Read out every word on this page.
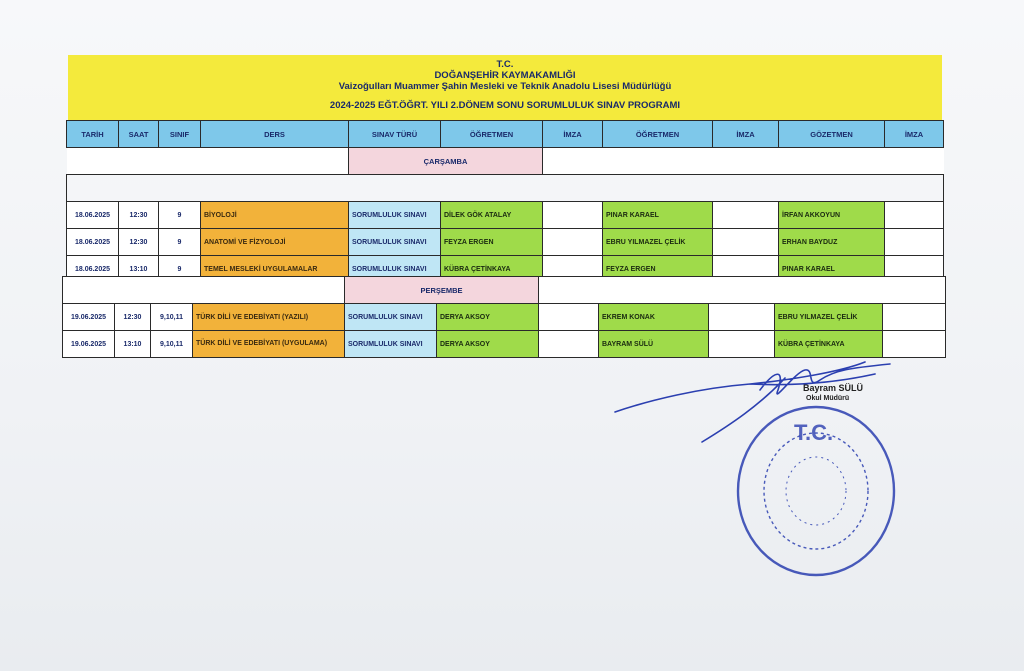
T.C.
DOĞANŞEHİR KAYMAKAMLIĞI
Vaizoğulları Muammer Şahin Mesleki ve Teknik Anadolu Lisesi Müdürlüğü
2024-2025 EĞT.ÖĞRT. YILI 2.DÖNEM SONU SORUMLULUK SINAV PROGRAMI
TARİH	SAAT	SINIF	DERS	SINAV TÜRÜ	ÖĞRETMEN	İMZA	ÖĞRETMEN	İMZA	GÖZETMEN	İMZA
				ÇARŞAMBA						

18.06.2025	12:30	9	BİYOLOJİ	SORUMLULUK SINAVI	DİLEK GÖK ATALAY		PINAR KARAEL		İRFAN AKKOYUN	
18.06.2025	12:30	9	ANATOMİ VE FİZYOLOJİ	SORUMLULUK SINAVI	FEYZA ERGEN		EBRU YILMAZEL ÇELİK		ERHAN BAYDUZ	
18.06.2025	13:10	9	TEMEL MESLEKİ UYGULAMALAR	SORUMLULUK SINAVI	KÜBRA ÇETİNKAYA		FEYZA ERGEN		PINAR KARAEL	
				PERŞEMBE						
19.06.2025	12:30	9,10,11	TÜRK DİLİ VE EDEBİYATI (YAZILI)	SORUMLULUK SINAVI	DERYA AKSOY		EKREM KONAK		EBRU YILMAZEL ÇELİK	
19.06.2025	13:10	9,10,11	TÜRK DİLİ VE EDEBİYATI (UYGULAMA)	SORUMLULUK SINAVI	DERYA AKSOY		BAYRAM SÜLÜ		KÜBRA ÇETİNKAYA	
Bayram SÜLÜ
Okul Müdürü
T.C.
